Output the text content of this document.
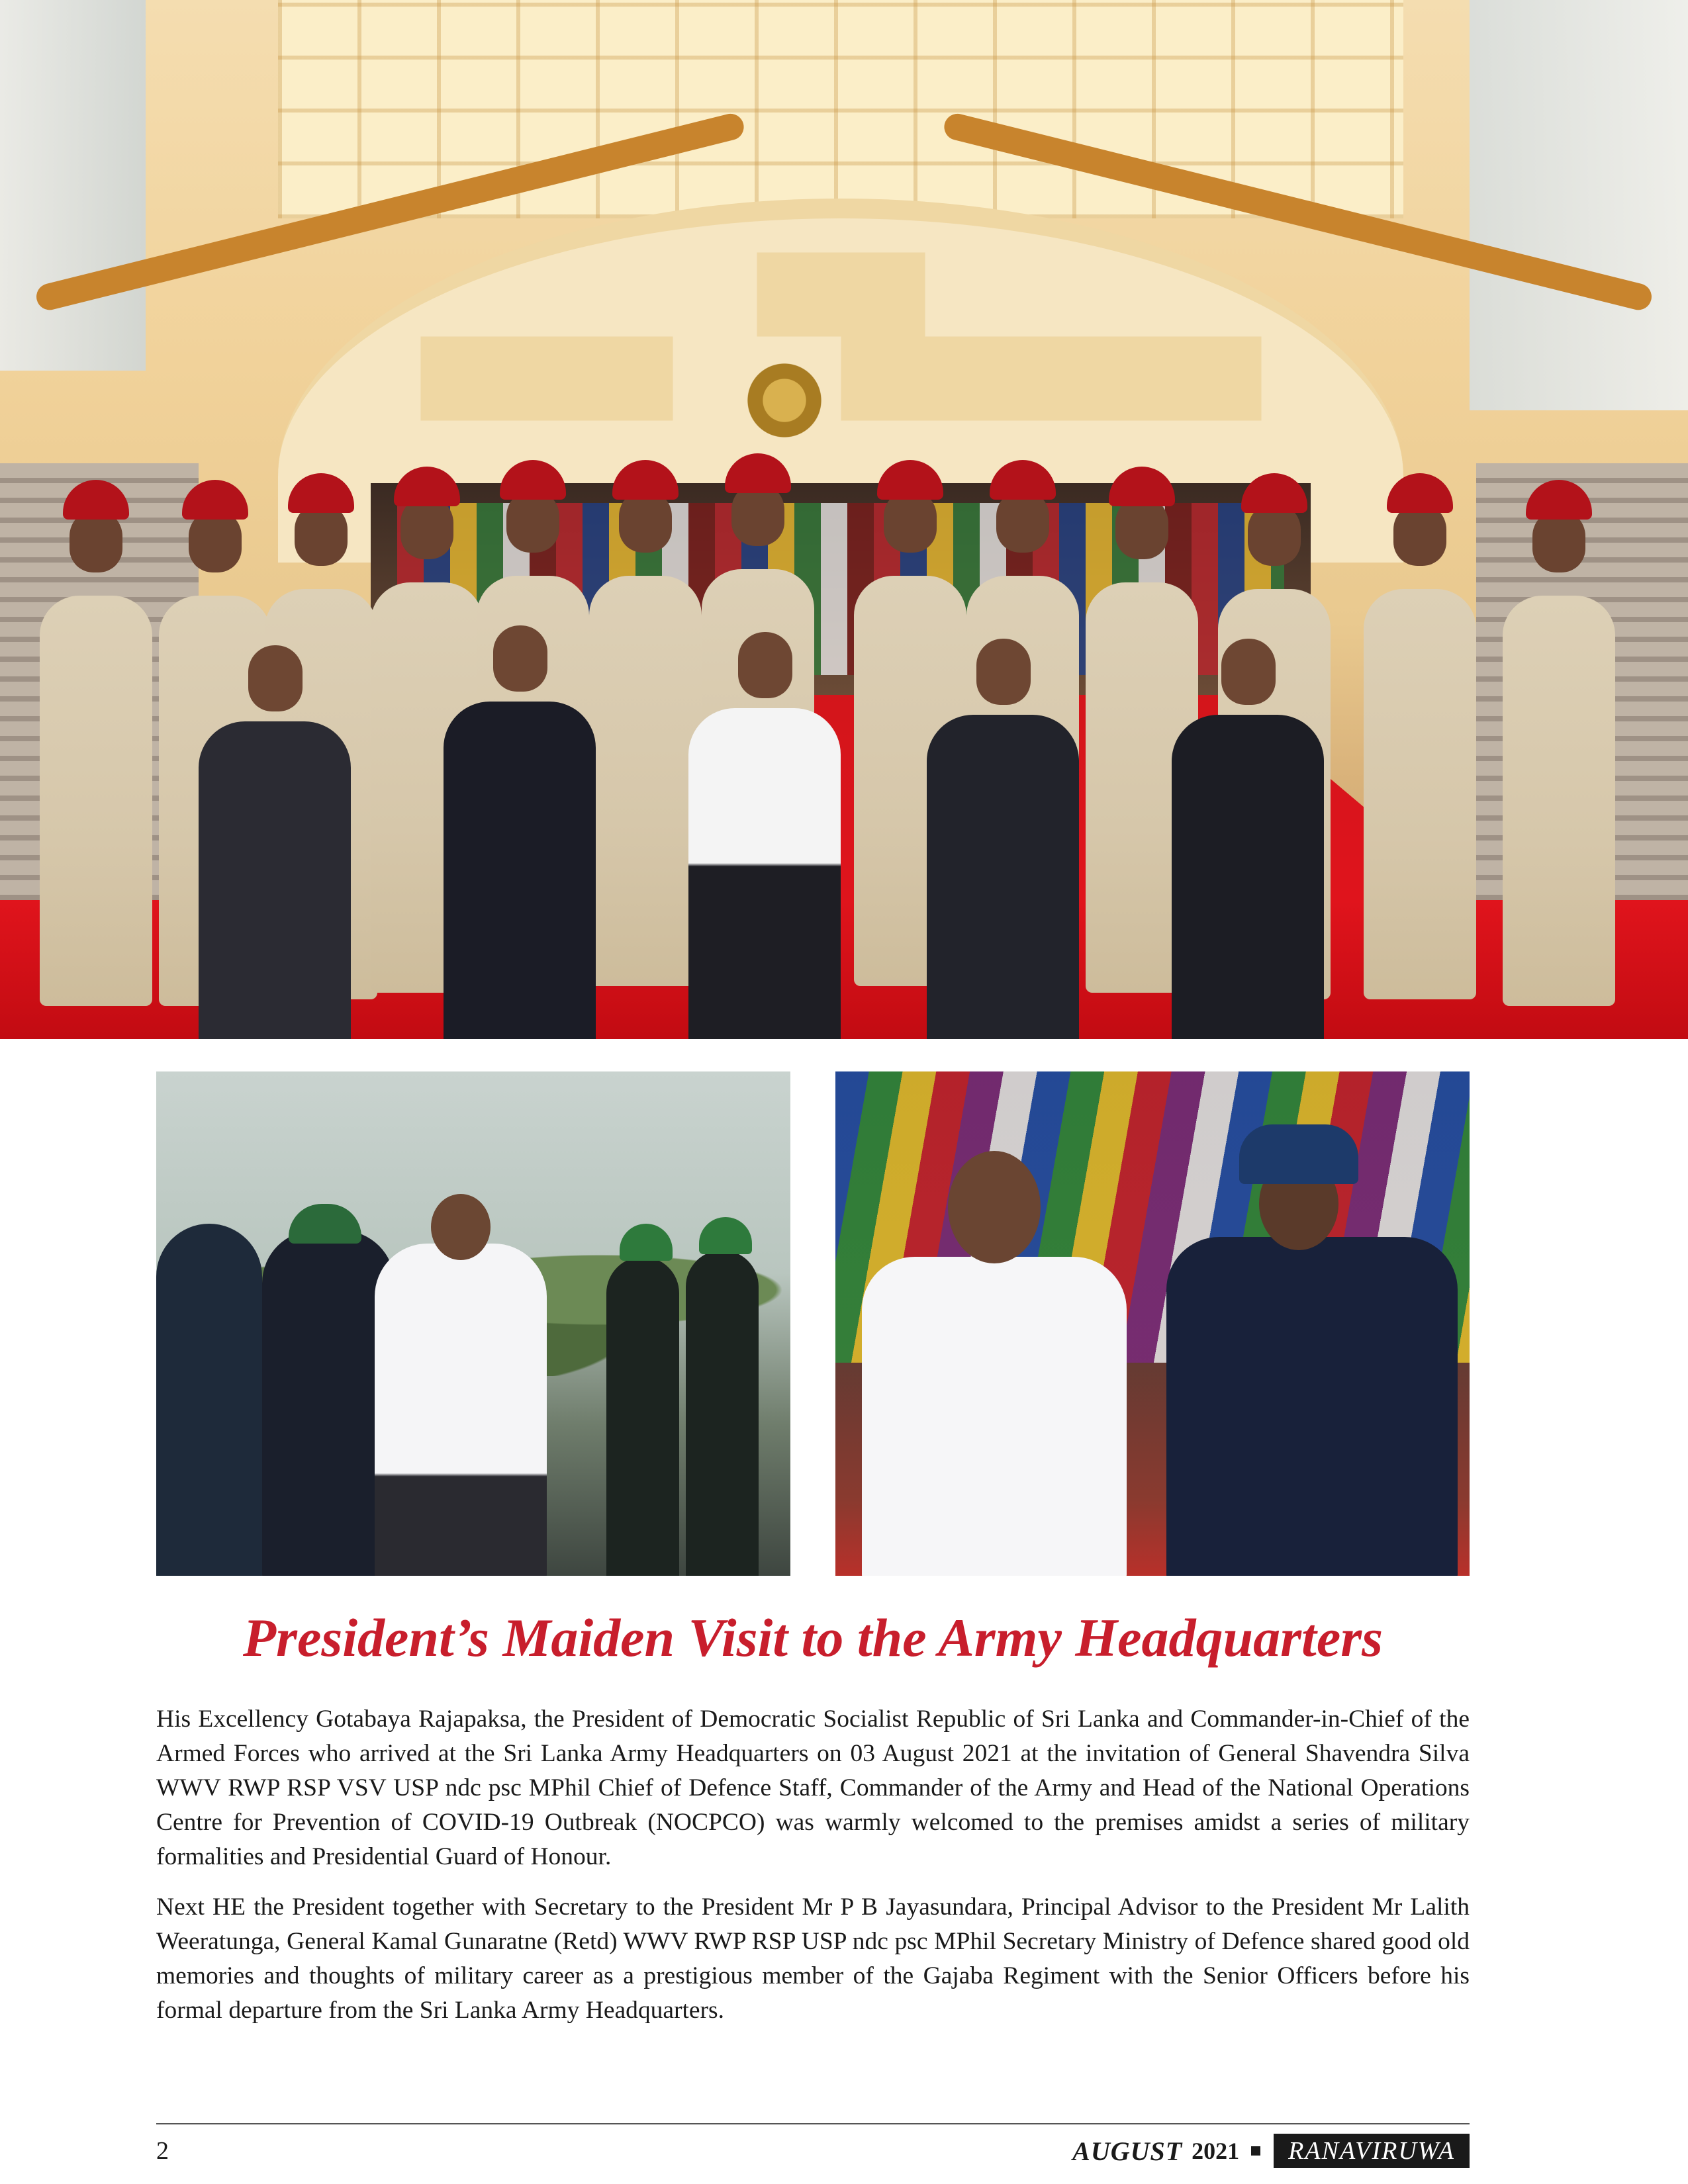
President’s Maiden Visit to the Army Headquarters

His Excellency Gotabaya Rajapaksa, the President of Democratic Socialist Republic of Sri Lanka and Commander-in-Chief of the Armed Forces who arrived at the Sri Lanka Army Headquarters on 03 August 2021 at the invitation of General Shavendra Silva WWV RWP RSP VSV USP ndc psc MPhil Chief of Defence Staff, Commander of the Army and Head of the National Operations Centre for Prevention of COVID-19 Outbreak (NOCPCO) was warmly welcomed to the premises amidst a series of military formalities and Presidential Guard of Honour.

Next HE the President together with Secretary to the President Mr P B Jayasundara, Principal Advisor to the President Mr Lalith Weeratunga, General Kamal Gunaratne (Retd) WWV RWP RSP USP ndc psc MPhil Secretary Ministry of Defence shared good old memories and thoughts of military career as a prestigious member of the Gajaba Regiment with the Senior Officers before his formal departure from the Sri Lanka Army Headquarters.

2	AUGUST 2021	RANAVIRUWA
